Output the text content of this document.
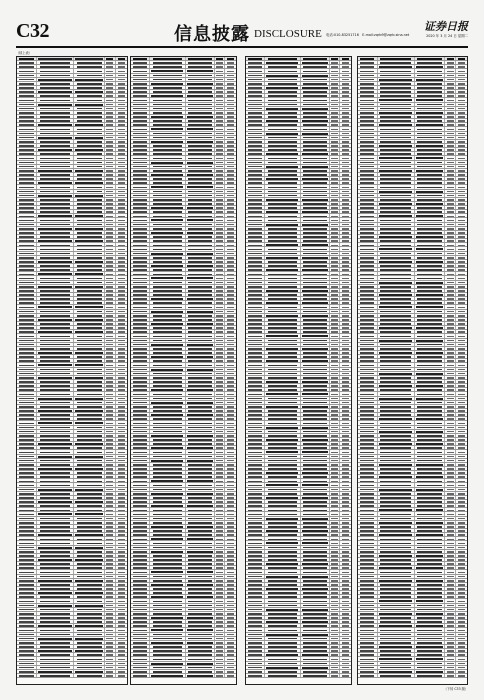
C32	信息披露 DISCLOSURE 电话:010-83251716　E-mail:zqrb9@zqrb.sina.net
证券日报
2020 年 3 月 24 日 星期二
（续上表）
（下转 C33 版）
